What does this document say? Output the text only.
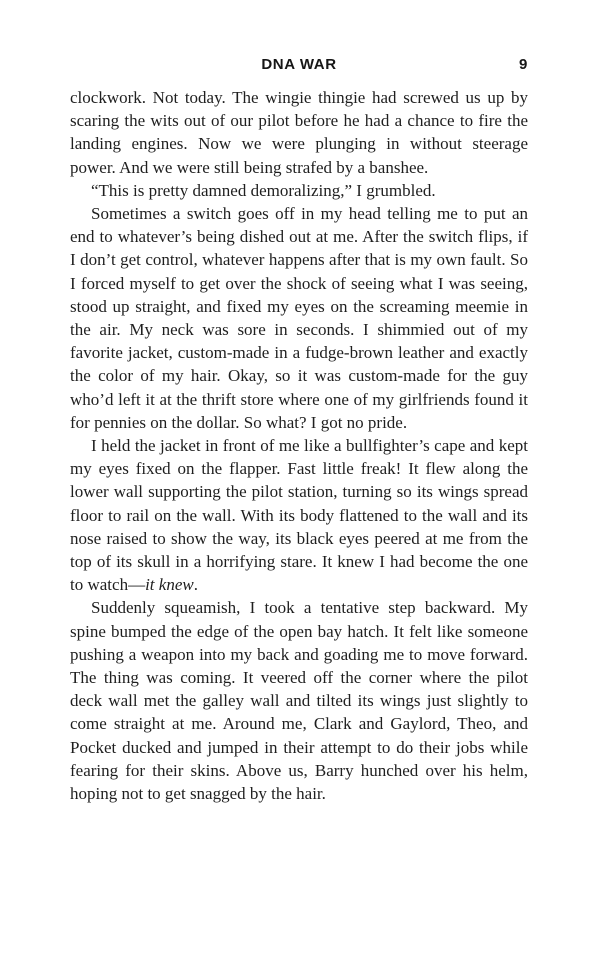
DNA WAR	9

clockwork. Not today. The wingie thingie had screwed us up by scaring the wits out of our pilot before he had a chance to fire the landing engines. Now we were plunging in without steerage power. And we were still being strafed by a banshee.

“This is pretty damned demoralizing,” I grumbled.

Sometimes a switch goes off in my head telling me to put an end to whatever’s being dished out at me. After the switch flips, if I don’t get control, whatever happens after that is my own fault. So I forced myself to get over the shock of seeing what I was seeing, stood up straight, and fixed my eyes on the screaming meemie in the air. My neck was sore in seconds. I shimmied out of my favorite jacket, custom-made in a fudge-brown leather and exactly the color of my hair. Okay, so it was custom-made for the guy who’d left it at the thrift store where one of my girlfriends found it for pennies on the dollar. So what? I got no pride.

I held the jacket in front of me like a bullfighter’s cape and kept my eyes fixed on the flapper. Fast little freak! It flew along the lower wall supporting the pilot station, turning so its wings spread floor to rail on the wall. With its body flattened to the wall and its nose raised to show the way, its black eyes peered at me from the top of its skull in a horrifying stare. It knew I had become the one to watch—it knew.

Suddenly squeamish, I took a tentative step backward. My spine bumped the edge of the open bay hatch. It felt like someone pushing a weapon into my back and goading me to move forward. The thing was coming. It veered off the corner where the pilot deck wall met the galley wall and tilted its wings just slightly to come straight at me. Around me, Clark and Gaylord, Theo, and Pocket ducked and jumped in their attempt to do their jobs while fearing for their skins. Above us, Barry hunched over his helm, hoping not to get snagged by the hair.
